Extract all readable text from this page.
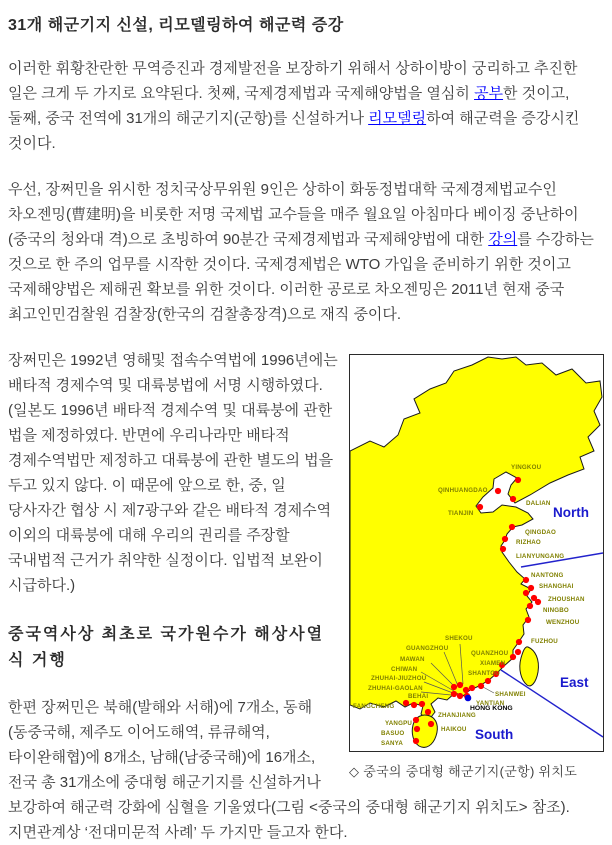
31개 해군기지 신설, 리모델링하여 해군력 증강

이러한 휘황찬란한 무역증진과 경제발전을 보장하기 위해서 상하이방이 궁리하고 추진한 일은 크게 두 가지로 요약된다. 첫째, 국제경제법과 국제해양법을 열심히 공부한 것이고, 둘째, 중국 전역에 31개의 해군기지(군항)를 신설하거나 리모델링하여 해군력을 증강시킨 것이다.

우선, 장쩌민을 위시한 정치국상무위원 9인은 상하이 화동정법대학 국제경제법교수인 차오젠밍(曹建明)을 비롯한 저명 국제법 교수들을 매주 월요일 아침마다 베이징 중난하이(중국의 청와대 격)으로 초빙하여 90분간 국제경제법과 국제해양법에 대한 강의를 수강하는 것으로 한 주의 업무를 시작한 것이다. 국제경제법은 WTO 가입을 준비하기 위한 것이고 국제해양법은 제해권 확보를 위한 것이다. 이러한 공로로 차오젠밍은 2011년 현재 중국 최고인민검찰원 검찰장(한국의 검찰총장격)으로 재직 중이다.

YINGKOU
QINHUANGDAO
DALIAN
TIANJIN
QINGDAO
RIZHAO
LIANYUNGANG
NANTONG
SHANGHAI
ZHOUSHAN
NINGBO
WENZHOU
FUZHOU
QUANZHOU
XIAMEN
SHANTOU
SHEKOU
GUANGZHOU
MAWAN
CHIWAN
ZHUHAI-JIUZHOU
ZHUHAI-GAOLAN
BEHAI
FANGCHENG
SHANWEI
YANTIAN
ZHANJIANG
YANGPU
BASUO
SANYA
HAIKOU
HONG KONG
North
East
South
◇ 중국의 중대형 해군기지(군항) 위치도

장쩌민은 1992년 영해및 접속수역법에 1996년에는 배타적 경제수역 및 대륙붕법에 서명 시행하였다. (일본도 1996년 배타적 경제수역 및 대륙붕에 관한 법을 제정하였다. 반면에 우리나라만 배타적 경제수역법만 제정하고 대륙붕에 관한 별도의 법을 두고 있지 않다. 이 때문에 앞으로 한, 중, 일 당사자간 협상 시 제7광구와 같은 배타적 경제수역 이외의 대륙붕에 대해 우리의 권리를 주장할 국내법적 근거가 취약한 실정이다. 입법적 보완이 시급하다.)

중국역사상 최초로 국가원수가 해상사열식 거행

한편 장쩌민은 북해(발해와 서해)에 7개소, 동해(동중국해, 제주도 이어도해역, 류큐해역, 타이완해협)에 8개소, 남해(남중국해)에 16개소, 전국 총 31개소에 중대형 해군기지를 신설하거나 보강하여 해군력 강화에 심혈을 기울였다(그림 <중국의 중대형 해군기지 위치도> 참조). 지면관계상 ‘전대미문적 사례’ 두 가지만 들고자 한다.
